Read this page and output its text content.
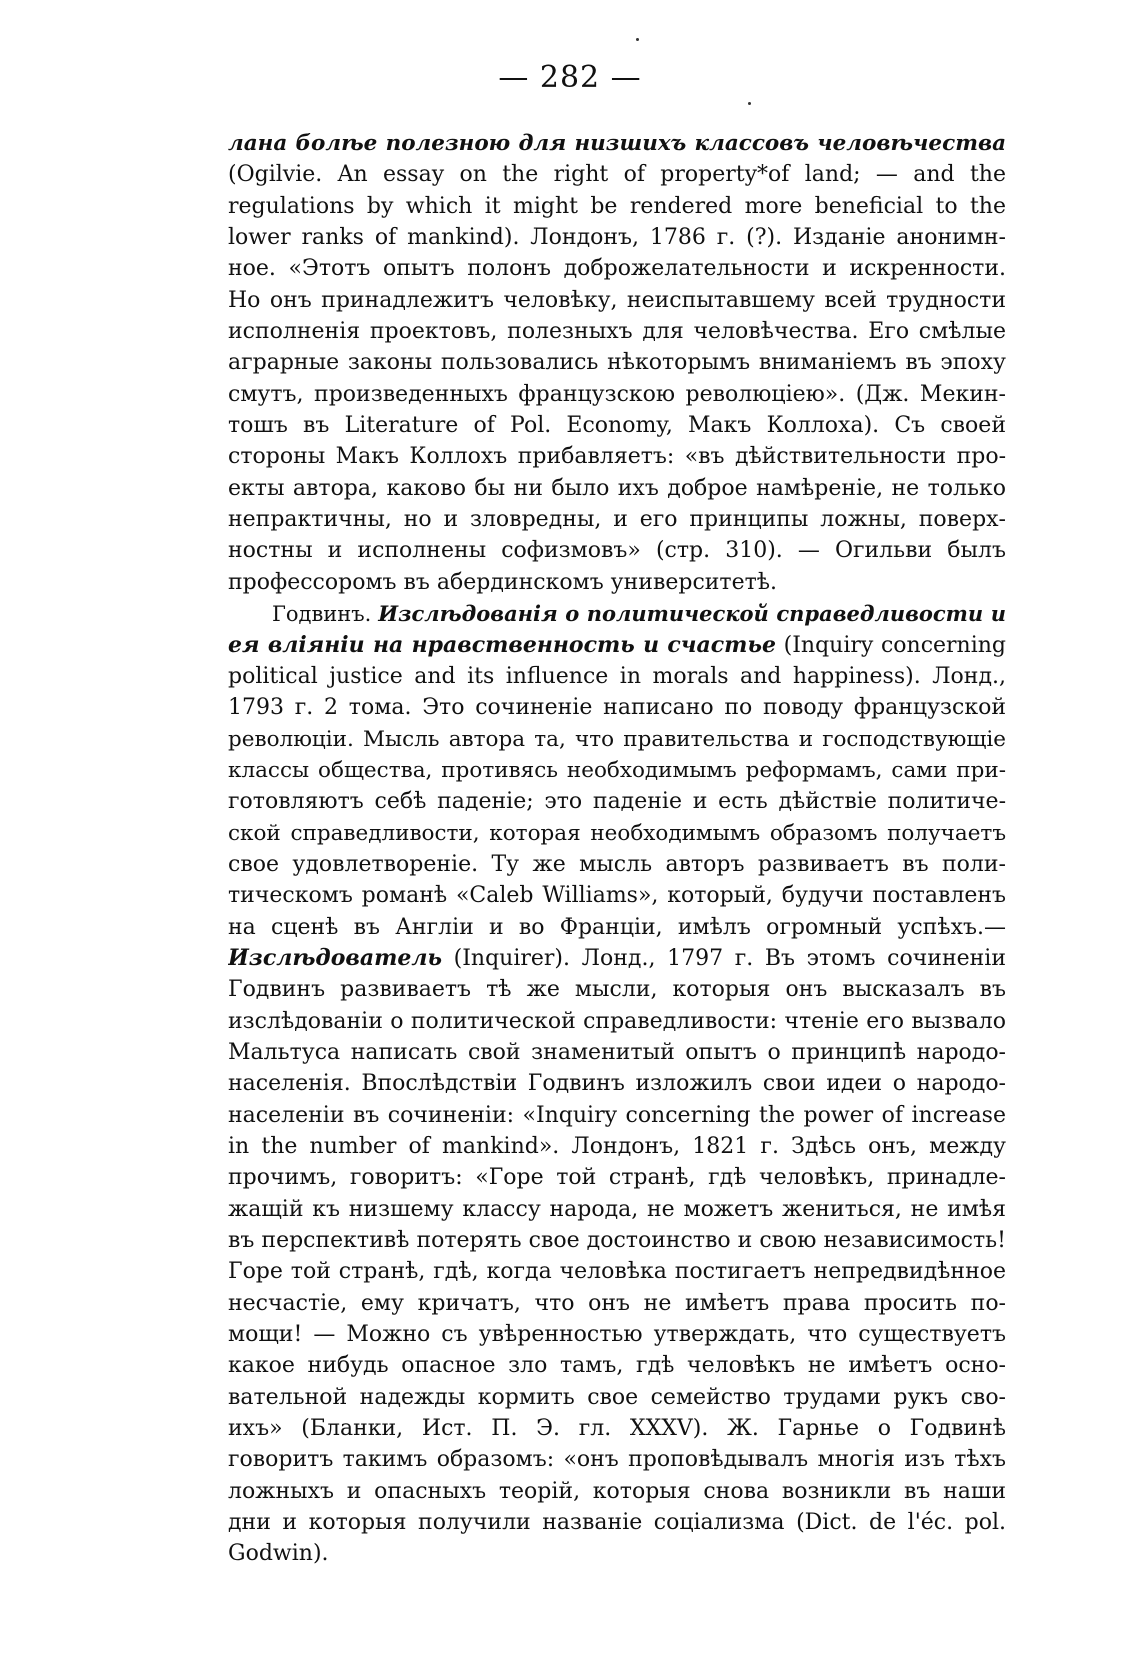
— 282 —
лана болѣе полезною для низшихъ классовъ человѣчества
(Ogilvie. An essay on the right of property*of land; — and the
regulations by which it might be rendered more beneficial to the
lower ranks of mankind). Лондонъ, 1786 г. (?). Изданіе анонимн-
ное. «Этотъ опытъ полонъ доброжелательности и искренности.
Но онъ принадлежитъ человѣку, неиспытавшему всей трудности
исполненія проектовъ, полезныхъ для человѣчества. Его смѣлые
аграрные законы пользовались нѣкоторымъ вниманіемъ въ эпоху
смутъ, произведенныхъ французскою революціею». (Дж. Мекин-
тошъ въ Literature of Pol. Economy, Макъ Коллоха). Съ своей
стороны Макъ Коллохъ прибавляетъ: «въ дѣйствительности про-
екты автора, каково бы ни было ихъ доброе намѣреніе, не только
непрактичны, но и зловредны, и его принципы ложны, поверх-
ностны и исполнены софизмовъ» (стр. 310). — Огильви былъ
профессоромъ въ абердинскомъ университетѣ.
Годвинъ. Изслѣдованія о политической справедливости и
ея вліяніи на нравственность и счастье (Inquiry concerning
political justice and its influence in morals and happiness). Лонд.,
1793 г. 2 тома. Это сочиненіе написано по поводу французской
революціи. Мысль автора та, что правительства и господствующіе
классы общества, противясь необходимымъ реформамъ, сами при-
готовляютъ себѣ паденіе; это паденіе и есть дѣйствіе политиче-
ской справедливости, которая необходимымъ образомъ получаетъ
свое удовлетвореніе. Ту же мысль авторъ развиваетъ въ поли-
тическомъ романѣ «Caleb Williams», который, будучи поставленъ
на сценѣ въ Англіи и во Франціи, имѣлъ огромный успѣхъ.—
Изслѣдователь (Inquirer). Лонд., 1797 г. Въ этомъ сочиненіи
Годвинъ развиваетъ тѣ же мысли, которыя онъ высказалъ въ
изслѣдованіи о политической справедливости: чтеніе его вызвало
Мальтуса написать свой знаменитый опытъ о принципѣ народо-
населенія. Впослѣдствіи Годвинъ изложилъ свои идеи о народо-
населеніи въ сочиненіи: «Inquiry concerning the power of increase
in the number of mankind». Лондонъ, 1821 г. Здѣсь онъ, между
прочимъ, говоритъ: «Горе той странѣ, гдѣ человѣкъ, принадле-
жащій къ низшему классу народа, не можетъ жениться, не имѣя
въ перспективѣ потерять свое достоинство и свою независимость!
Горе той странѣ, гдѣ, когда человѣка постигаетъ непредвидѣнное
несчастіе, ему кричатъ, что онъ не имѣетъ права просить по-
мощи! — Можно съ увѣренностью утверждать, что существуетъ
какое нибудь опасное зло тамъ, гдѣ человѣкъ не имѣетъ осно-
вательной надежды кормить свое семейство трудами рукъ сво-
ихъ» (Бланки, Ист. П. Э. гл. XXXV). Ж. Гарнье о Годвинѣ
говоритъ такимъ образомъ: «онъ проповѣдывалъ многія изъ тѣхъ
ложныхъ и опасныхъ теорій, которыя снова возникли въ наши
дни и которыя получили названіе соціализма (Dict. de l'éc. pol.
Godwin).
